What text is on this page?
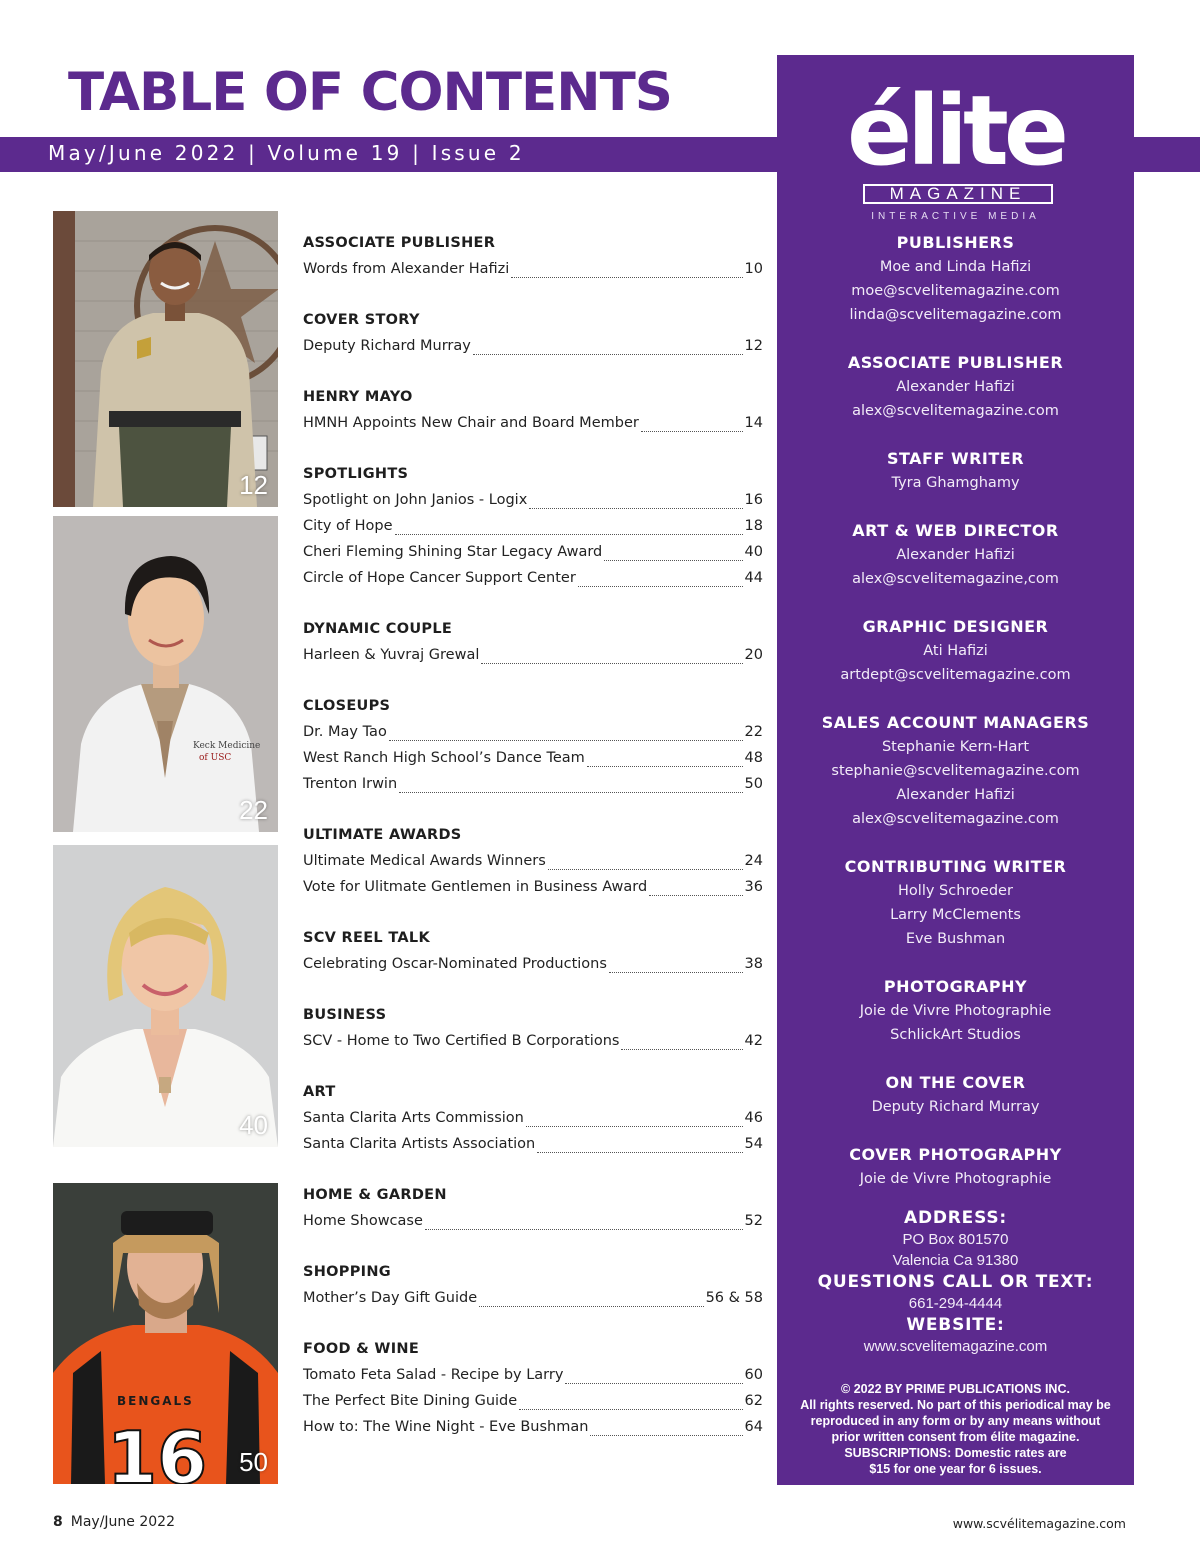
TABLE OF CONTENTS
May/June 2022 | Volume 19 | Issue 2
12
Keck Medicine
of USC
22
40
BENGALS
16 50
ASSOCIATE PUBLISHER
Words from Alexander Hafizi	10
COVER STORY
Deputy Richard Murray	12
HENRY MAYO
HMNH Appoints New Chair and Board Member	14
SPOTLIGHTS
Spotlight on John Janios - Logix	16
City of Hope	18
Cheri Fleming Shining Star Legacy Award	40
Circle of Hope Cancer Support Center	44
DYNAMIC COUPLE
Harleen & Yuvraj Grewal	20
CLOSEUPS
Dr. May Tao	22
West Ranch High School’s Dance Team	48
Trenton Irwin	50
ULTIMATE AWARDS
Ultimate Medical Awards Winners	24
Vote for Ulitmate Gentlemen in Business Award	36
SCV REEL TALK
Celebrating Oscar-Nominated Productions	38
BUSINESS
SCV - Home to Two Certified B Corporations	42
ART
Santa Clarita Arts Commission	46
Santa Clarita Artists Association	54
HOME & GARDEN
Home Showcase	52
SHOPPING
Mother’s Day Gift Guide	56 & 58
FOOD & WINE
Tomato Feta Salad - Recipe by Larry	60
The Perfect Bite Dining Guide	62
How to: The Wine Night - Eve Bushman	64
élite
MAGAZINE
INTERACTIVE MEDIA
PUBLISHERS
Moe and Linda Hafizi
moe@scvelitemagazine.com
linda@scvelitemagazine.com
ASSOCIATE PUBLISHER
Alexander Hafizi
alex@scvelitemagazine.com
STAFF WRITER
Tyra Ghamghamy
ART & WEB DIRECTOR
Alexander Hafizi
alex@scvelitemagazine,com
GRAPHIC DESIGNER
Ati Hafizi
artdept@scvelitemagazine.com
SALES ACCOUNT MANAGERS
Stephanie Kern-Hart
stephanie@scvelitemagazine.com
Alexander Hafizi
alex@scvelitemagazine.com
CONTRIBUTING WRITER
Holly Schroeder
Larry McClements
Eve Bushman
PHOTOGRAPHY
Joie de Vivre Photographie
SchlickArt Studios
ON THE COVER
Deputy Richard Murray
COVER PHOTOGRAPHY
Joie de Vivre Photographie
ADDRESS:
PO Box 801570
Valencia Ca 91380
QUESTIONS CALL OR TEXT:
661-294-4444
WEBSITE:
www.scvelitemagazine.com
© 2022 BY PRIME PUBLICATIONS INC.
All rights reserved. No part of this periodical may be
reproduced in any form or by any means without
prior written consent from élite magazine.
SUBSCRIPTIONS: Domestic rates are
$15 for one year for 6 issues.
8 May/June 2022	www.scvélitemagazine.com
